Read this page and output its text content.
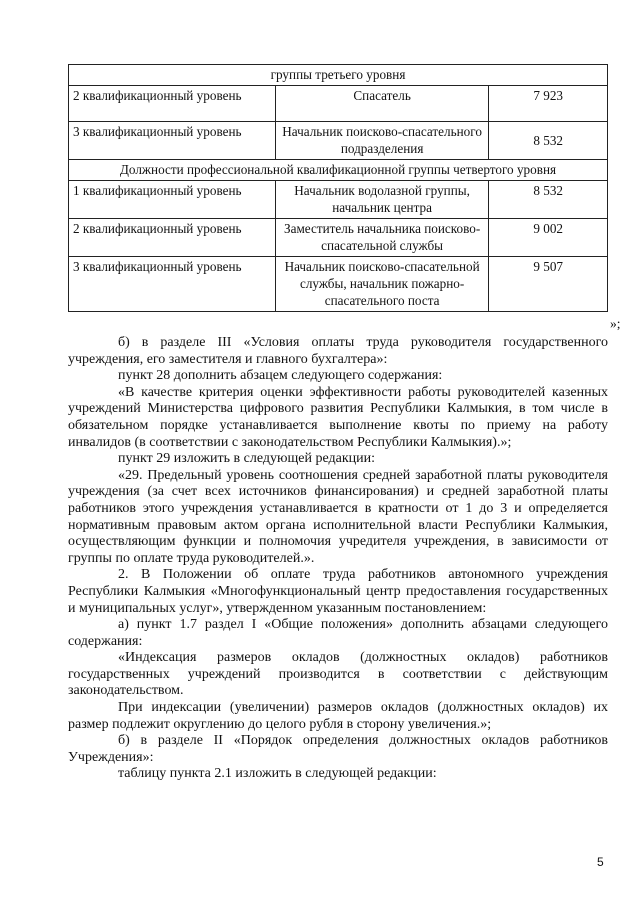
группы третьего уровня		
2 квалификационный уровень	Спасатель	7 923
3 квалификационный уровень	Начальник поисково-спасательного подразделения	8 532
Должности профессиональной квалификационной группы четвертого уровня		
1 квалификационный уровень	Начальник водолазной группы, начальник центра	8 532
2 квалификационный уровень	Заместитель начальника поисково-спасательной службы	9 002
3 квалификационный уровень	Начальник поисково-спасательной службы, начальник пожарно-спасательного поста	9 507
»;

б) в разделе III «Условия оплаты труда руководителя государственного учреждения, его заместителя и главного бухгалтера»:

пункт 28 дополнить абзацем следующего содержания:

«В качестве критерия оценки эффективности работы руководителей казенных учреждений Министерства цифрового развития Республики Калмыкия, в том числе в обязательном порядке устанавливается выполнение квоты по приему на работу инвалидов (в соответствии с законодательством Республики Калмыкия).»;

пункт 29 изложить в следующей редакции:

«29. Предельный уровень соотношения средней заработной платы руководителя учреждения (за счет всех источников финансирования) и средней заработной платы работников этого учреждения устанавливается в кратности от 1 до 3 и определяется нормативным правовым актом органа исполнительной власти Республики Калмыкия, осуществляющим функции и полномочия учредителя учреждения, в зависимости от группы по оплате труда руководителей.».

2. В Положении об оплате труда работников автономного учреждения Республики Калмыкия «Многофункциональный центр предоставления государственных и муниципальных услуг», утвержденном указанным постановлением:

а) пункт 1.7 раздел I «Общие положения» дополнить абзацами следующего содержания:

«Индексация размеров окладов (должностных окладов) работников государственных учреждений производится в соответствии с действующим законодательством.

При индексации (увеличении) размеров окладов (должностных окладов) их размер подлежит округлению до целого рубля в сторону увеличения.»;

б) в разделе II «Порядок определения должностных окладов работников Учреждения»:

таблицу пункта 2.1 изложить в следующей редакции:

5
